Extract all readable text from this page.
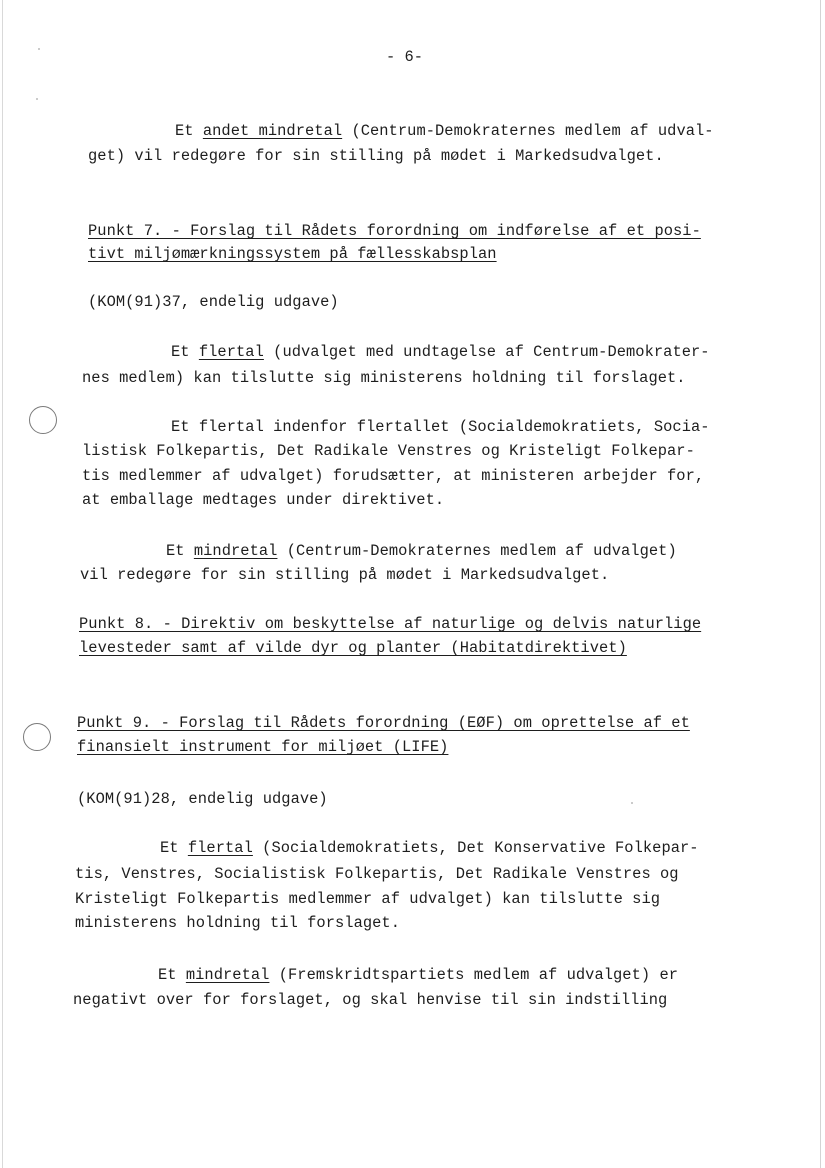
- 6-
Et andet mindretal (Centrum-Demokraternes medlem af udval-
get) vil redegøre for sin stilling på mødet i Markedsudvalget.
Punkt 7. - Forslag til Rådets forordning om indførelse af et posi-
tivt miljømærkningssystem på fællesskabsplan
(KOM(91)37, endelig udgave)
Et flertal (udvalget med undtagelse af Centrum-Demokrater-
nes medlem) kan tilslutte sig ministerens holdning til forslaget.
Et flertal indenfor flertallet (Socialdemokratiets, Socia-
listisk Folkepartis, Det Radikale Venstres og Kristeligt Folkepar-
tis medlemmer af udvalget) forudsætter, at ministeren arbejder for,
at emballage medtages under direktivet.
Et mindretal (Centrum-Demokraternes medlem af udvalget)
vil redegøre for sin stilling på mødet i Markedsudvalget.
Punkt 8. - Direktiv om beskyttelse af naturlige og delvis naturlige
levesteder samt af vilde dyr og planter (Habitatdirektivet)
Punkt 9. - Forslag til Rådets forordning (EØF) om oprettelse af et
finansielt instrument for miljøet (LIFE)
(KOM(91)28, endelig udgave)
Et flertal (Socialdemokratiets, Det Konservative Folkepar-
tis, Venstres, Socialistisk Folkepartis, Det Radikale Venstres og
Kristeligt Folkepartis medlemmer af udvalget) kan tilslutte sig
ministerens holdning til forslaget.
Et mindretal (Fremskridtspartiets medlem af udvalget) er
negativt over for forslaget, og skal henvise til sin indstilling
